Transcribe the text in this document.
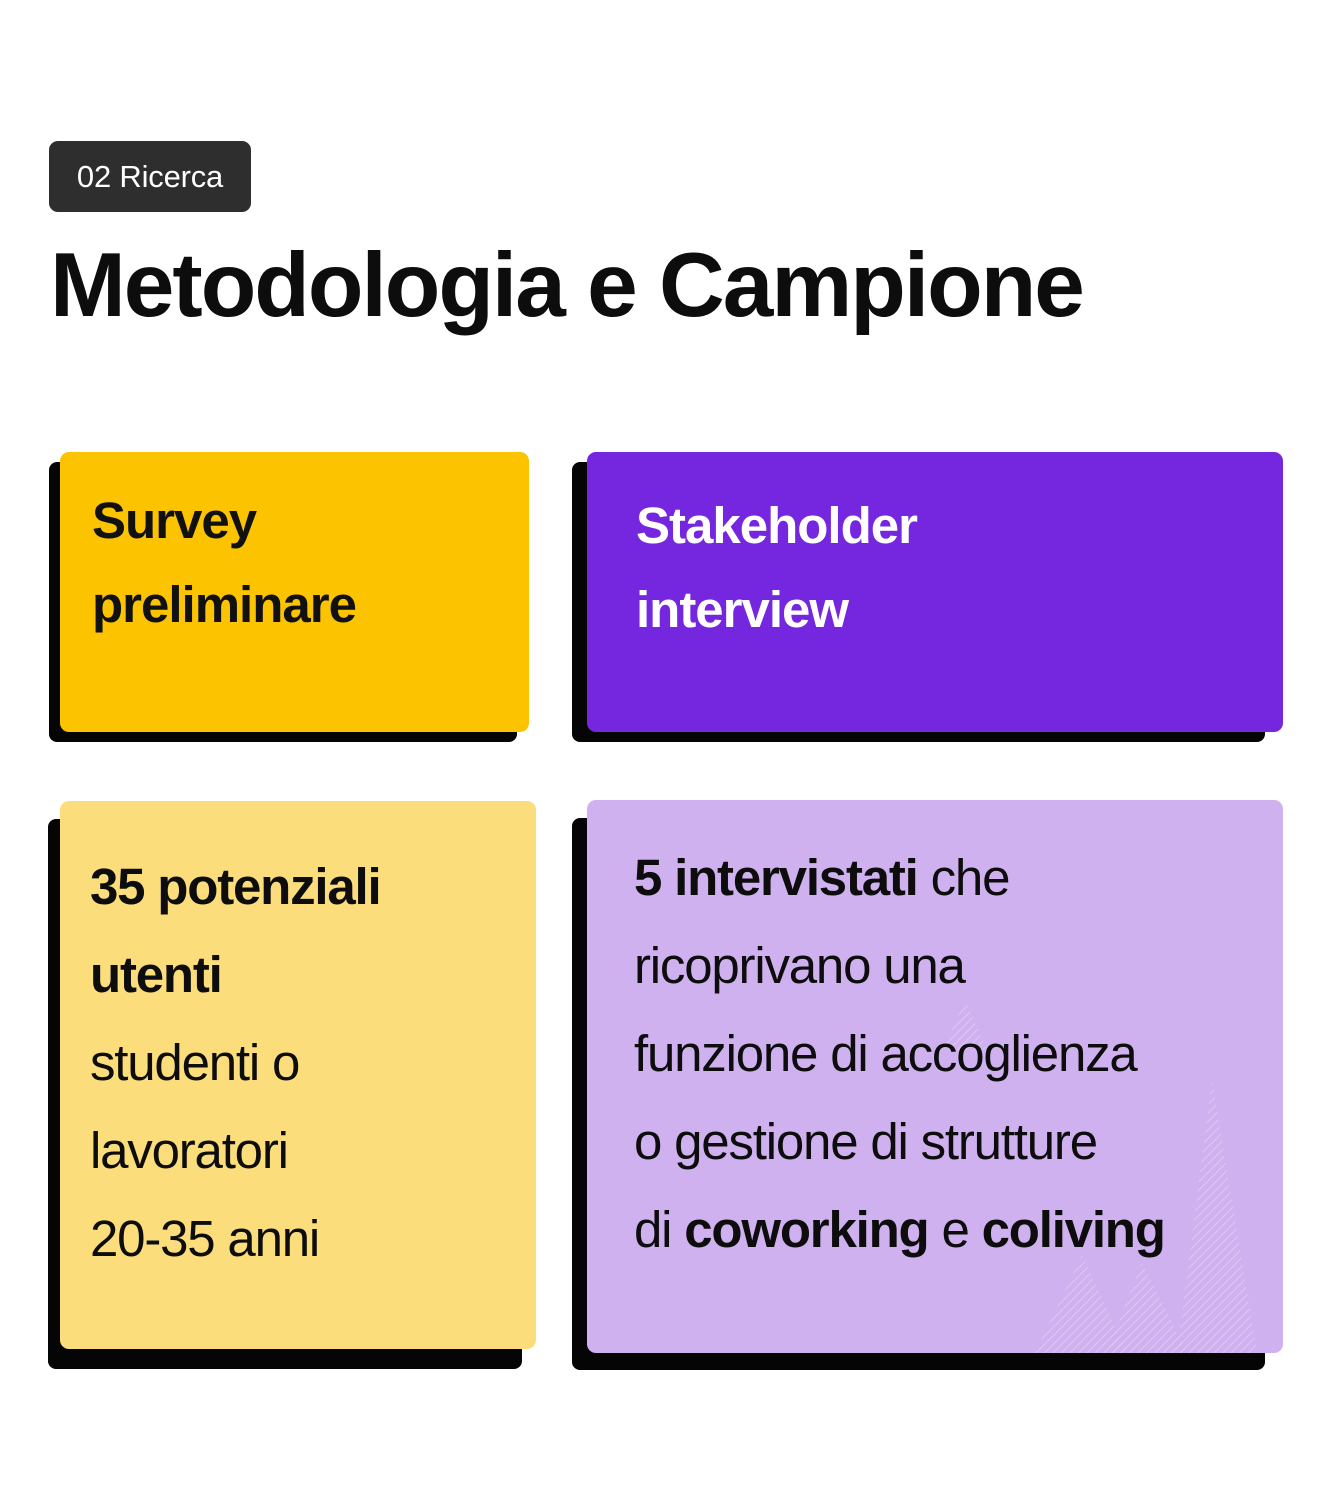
02 Ricerca
Metodologia e Campione

Survey
preliminare

Stakeholder
interview

35 potenziali
utenti
studenti o
lavoratori
20-35 anni

5 intervistati che
ricoprivano una
funzione di accoglienza
o gestione di strutture
di coworking e coliving
